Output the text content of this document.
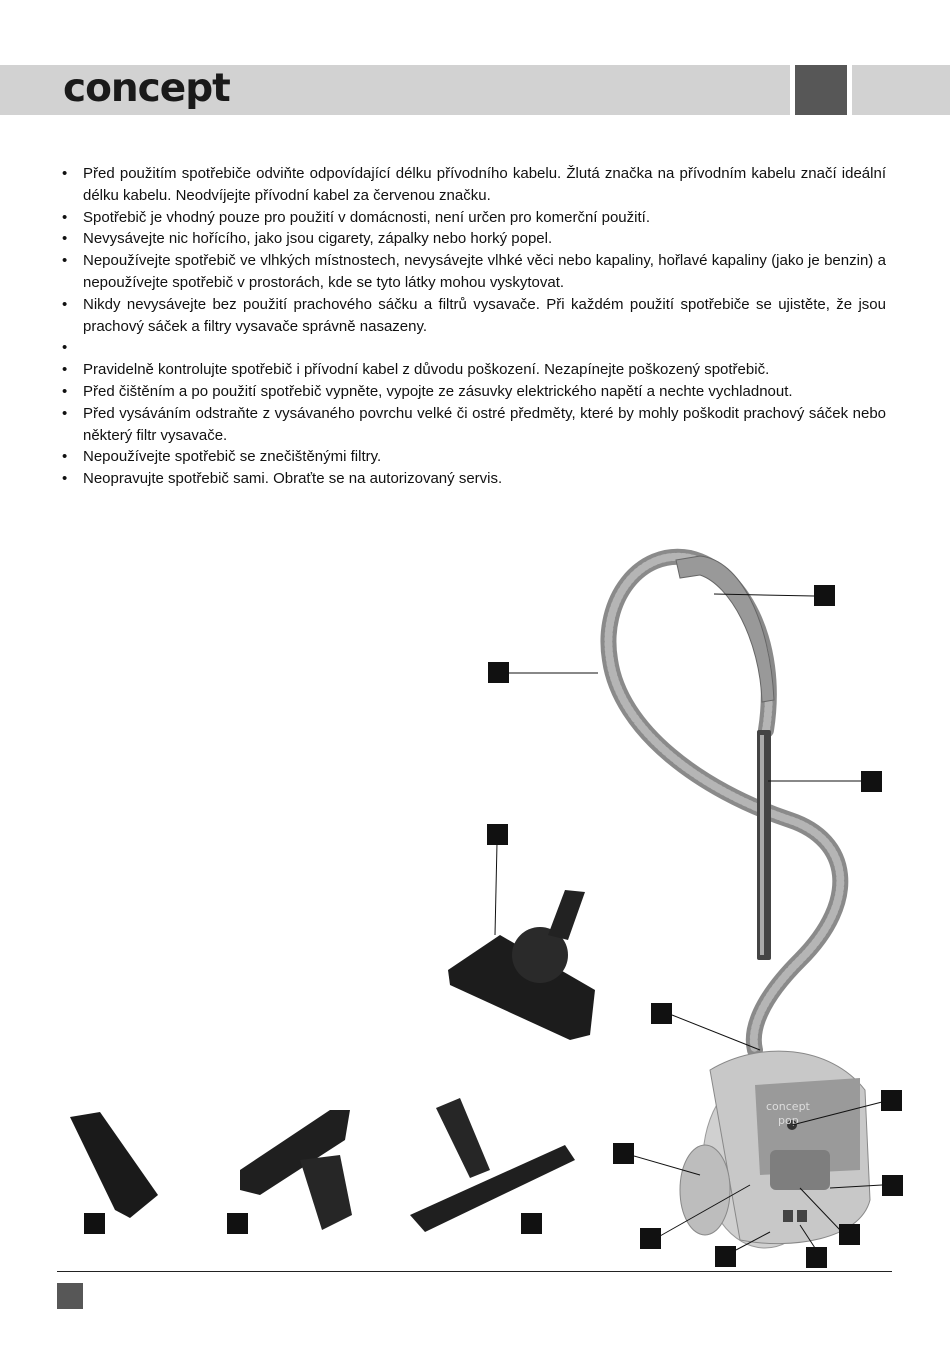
concept
• Před použitím spotřebiče odviňte odpovídající délku přívodního kabelu. Žlutá značka na přívodním kabelu značí ideální délku kabelu. Neodvíjejte přívodní kabel za červenou značku.
• Spotřebič je vhodný pouze pro použití v domácnosti, není určen pro komerční použití.
• Nevysávejte nic hořícího, jako jsou cigarety, zápalky nebo horký popel.
• Nepoužívejte spotřebič ve vlhkých místnostech, nevysávejte vlhké věci nebo kapaliny, hořlavé kapaliny (jako je benzin) a nepoužívejte spotřebič v prostorách, kde se tyto látky mohou vyskytovat.
• Nikdy nevysávejte bez použití prachového sáčku a filtrů vysavače. Při každém použití spotřebiče se ujistěte, že jsou prachový sáček a filtry vysavače správně nasazeny.
•
• Pravidelně kontrolujte spotřebič i přívodní kabel z důvodu poškození. Nezapínejte poškozený spotřebič.
• Před čištěním a po použití spotřebič vypněte, vypojte ze zásuvky elektrického napětí a nechte vychladnout.
• Před vysáváním odstraňte z vysávaného povrchu velké či ostré předměty, které by mohly poškodit prachový sáček nebo některý filtr vysavače.
• Nepoužívejte spotřebič se znečištěnými filtry.
• Neopravujte spotřebič sami. Obraťte se na autorizovaný servis.
concept
pop
